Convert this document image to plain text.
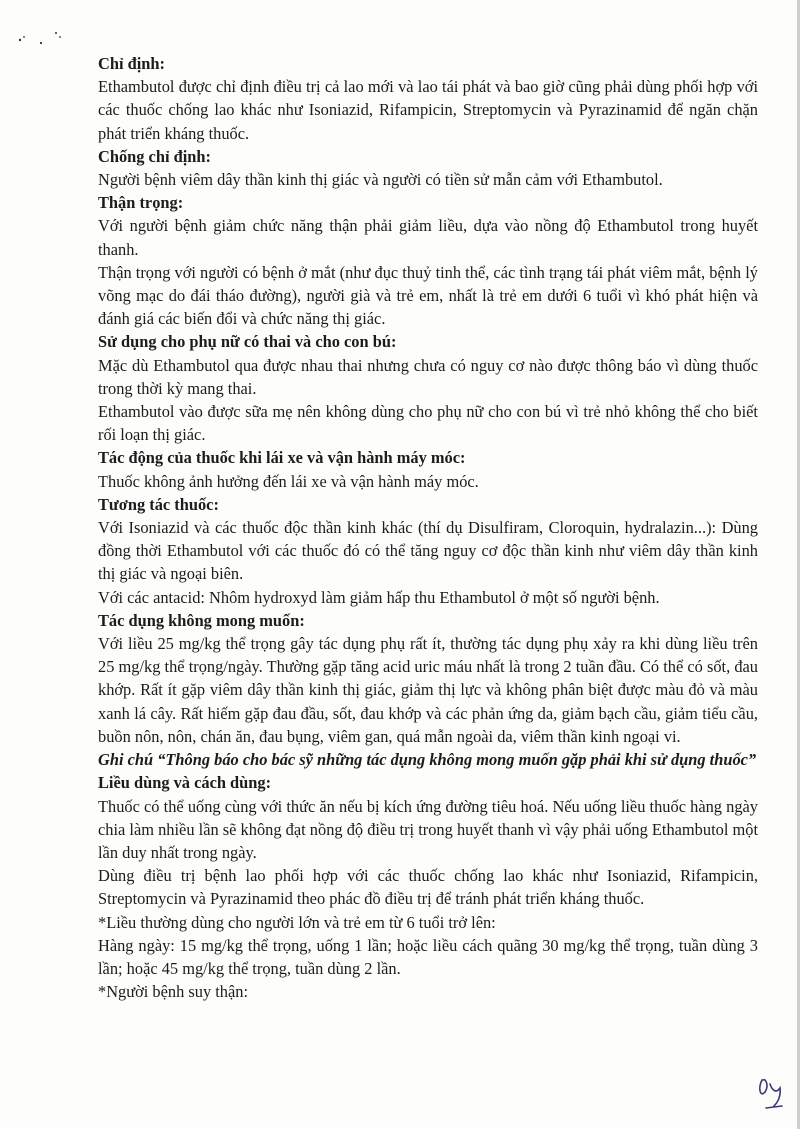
Chỉ định:

Ethambutol được chỉ định điều trị cả lao mới và lao tái phát và bao giờ cũng phải dùng phối hợp với các thuốc chống lao khác như Isoniazid, Rifampicin, Streptomycin và Pyrazinamid để ngăn chặn phát triển kháng thuốc.

Chống chỉ định:

Người bệnh viêm dây thần kinh thị giác và người có tiền sử mẫn cảm với Ethambutol.

Thận trọng:

Với người bệnh giảm chức năng thận phải giảm liều, dựa vào nồng độ Ethambutol trong huyết thanh.

Thận trọng với người có bệnh ở mắt (như đục thuỷ tinh thể, các tình trạng tái phát viêm mắt, bệnh lý võng mạc do đái tháo đường), người già và trẻ em, nhất là trẻ em dưới 6 tuổi vì khó phát hiện và đánh giá các biến đổi và chức năng thị giác.

Sử dụng cho phụ nữ có thai và cho con bú:

Mặc dù Ethambutol qua được nhau thai nhưng chưa có nguy cơ nào được thông báo vì dùng thuốc trong thời kỳ mang thai.

Ethambutol vào được sữa mẹ nên không dùng cho phụ nữ cho con bú vì trẻ nhỏ không thể cho biết rối loạn thị giác.

Tác động của thuốc khi lái xe và vận hành máy móc:

Thuốc không ảnh hưởng đến lái xe và vận hành máy móc.

Tương tác thuốc:

Với Isoniazid và các thuốc độc thần kinh khác (thí dụ Disulfiram, Cloroquin, hydralazin...): Dùng đồng thời Ethambutol với các thuốc đó có thể tăng nguy cơ độc thần kinh như viêm dây thần kinh thị giác và ngoại biên.

Với các antacid: Nhôm hydroxyd làm giảm hấp thu Ethambutol ở một số người bệnh.

Tác dụng không mong muốn:

Với liều 25 mg/kg thể trọng gây tác dụng phụ rất ít, thường tác dụng phụ xảy ra khi dùng liều trên 25 mg/kg thể trọng/ngày. Thường gặp tăng acid uric máu nhất là trong 2 tuần đầu. Có thể có sốt, đau khớp. Rất ít gặp viêm dây thần kinh thị giác, giảm thị lực và không phân biệt được màu đỏ và màu xanh lá cây. Rất hiếm gặp đau đầu, sốt, đau khớp và các phản ứng da, giảm bạch cầu, giảm tiểu cầu, buồn nôn, nôn, chán ăn, đau bụng, viêm gan, quá mẫn ngoài da, viêm thần kinh ngoại vi.

Ghi chú “Thông báo cho bác sỹ những tác dụng không mong muốn gặp phải khi sử dụng thuốc”

Liều dùng và cách dùng:

Thuốc có thể uống cùng với thức ăn nếu bị kích ứng đường tiêu hoá. Nếu uống liều thuốc hàng ngày chia làm nhiều lần sẽ không đạt nồng độ điều trị trong huyết thanh vì vậy phải uống Ethambutol một lần duy nhất trong ngày.

Dùng điều trị bệnh lao phối hợp với các thuốc chống lao khác như Isoniazid, Rifampicin, Streptomycin và Pyrazinamid theo phác đồ điều trị để tránh phát triển kháng thuốc.

*Liều thường dùng cho người lớn và trẻ em từ 6 tuổi trở lên:

Hàng ngày: 15 mg/kg thể trọng, uống 1 lần; hoặc liều cách quãng 30 mg/kg thể trọng, tuần dùng 3 lần; hoặc 45 mg/kg thể trọng, tuần dùng 2 lần.

*Người bệnh suy thận:
